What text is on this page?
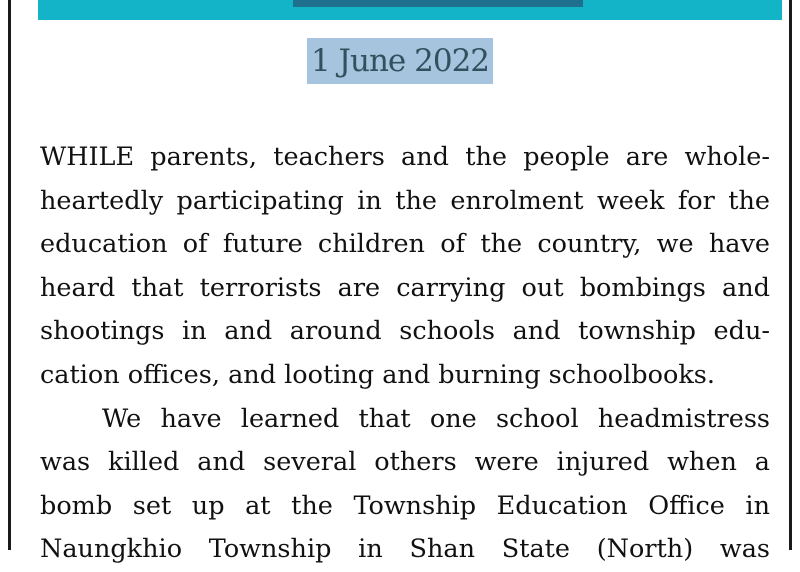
1 June 2022
WHILE parents, teachers and the people are whole-
heartedly participating in the enrolment week for the
education of future children of the country, we have
heard that terrorists are carrying out bombings and
shootings in and around schools and township edu-
cation offices, and looting and burning schoolbooks.
We have learned that one school headmistress
was killed and several others were injured when a
bomb set up at the Township Education Office in
Naungkhio Township in Shan State (North) was
